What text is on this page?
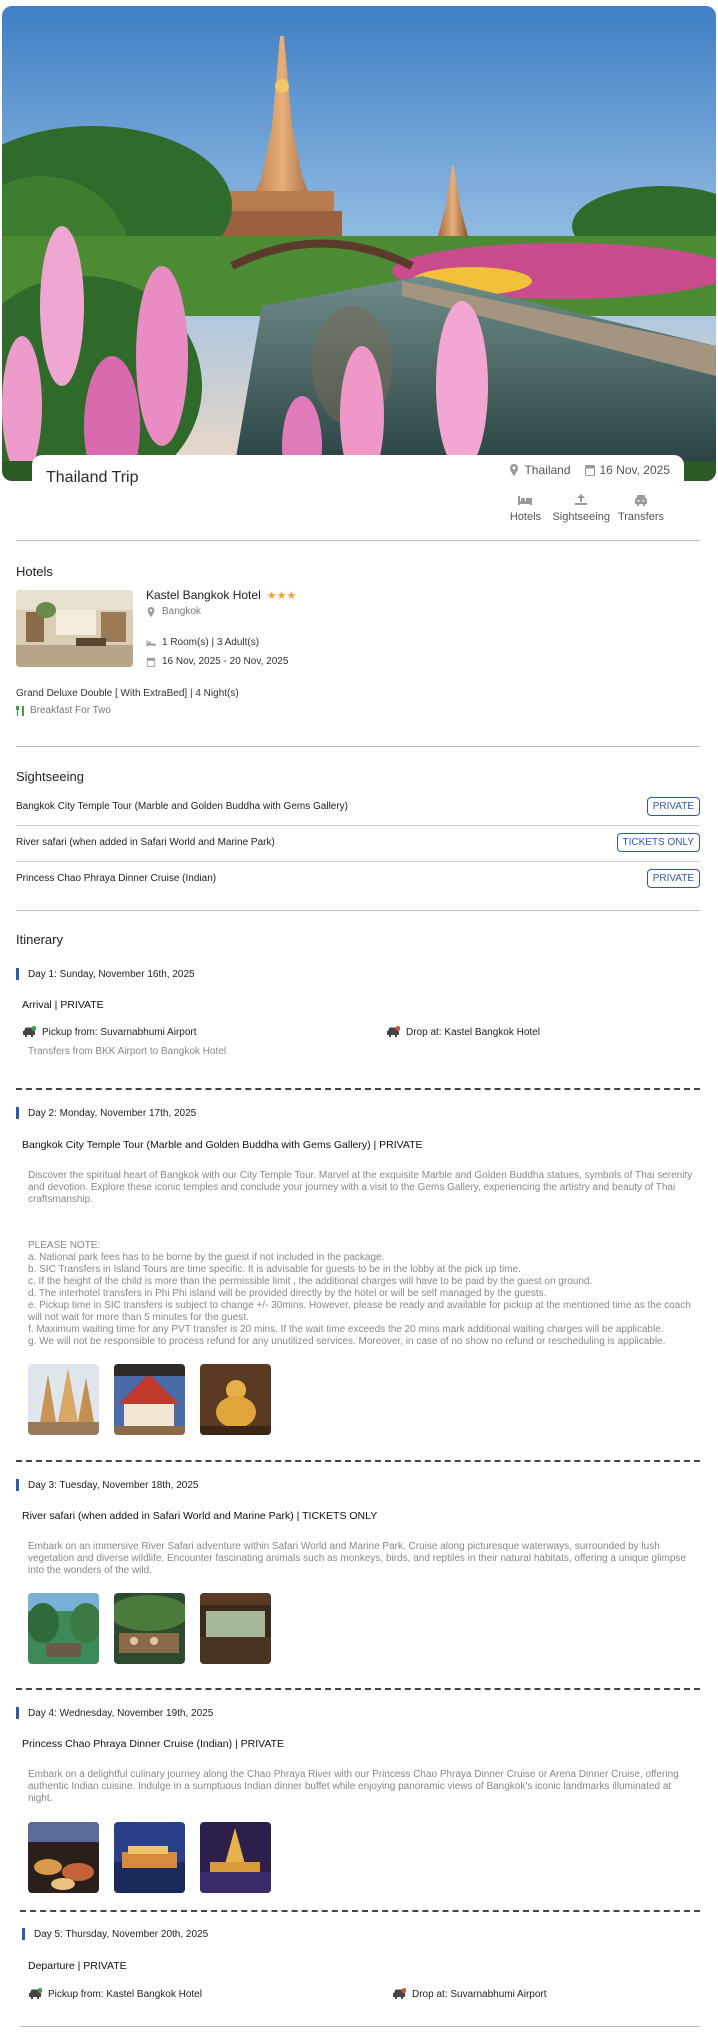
Thailand Trip	Thailand 16 Nov, 2025
Hotels Sightseeing Transfers
Hotels
Kastel Bangkok Hotel ★★★
Bangkok
1 Room(s) | 3 Adult(s)
16 Nov, 2025 - 20 Nov, 2025
Grand Deluxe Double [ With ExtraBed] | 4 Night(s)
Breakfast For Two
Sightseeing
Bangkok City Temple Tour (Marble and Golden Buddha with Gems Gallery)	PRIVATE
River safari (when added in Safari World and Marine Park)	TICKETS ONLY
Princess Chao Phraya Dinner Cruise (Indian)	PRIVATE
Itinerary
Day 1: Sunday, November 16th, 2025
Arrival | PRIVATE
Pickup from: Suvarnabhumi Airport	Drop at: Kastel Bangkok Hotel
Transfers from BKK Airport to Bangkok Hotel
Day 2: Monday, November 17th, 2025
Bangkok City Temple Tour (Marble and Golden Buddha with Gems Gallery) | PRIVATE
Discover the spiritual heart of Bangkok with our City Temple Tour. Marvel at the exquisite Marble and Golden Buddha statues, symbols of Thai serenity and devotion. Explore these iconic temples and conclude your journey with a visit to the Gems Gallery, experiencing the artistry and beauty of Thai craftsmanship.
PLEASE NOTE:
a. National park fees has to be borne by the guest if not included in the package.
b. SIC Transfers in Island Tours are time specific. It is advisable for guests to be in the lobby at the pick up time.
c. If the height of the child is more than the permissible limit , the additional charges will have to be paid by the guest on ground.
d. The interhotel transfers in Phi Phi island will be provided directly by the hotel or will be self managed by the guests.
e. Pickup time in SIC transfers is subject to change +/- 30mins. However, please be ready and available for pickup at the mentioned time as the coach will not wait for more than 5 minutes for the guest.
f. Maximum waiting time for any PVT transfer is 20 mins. If the wait time exceeds the 20 mins mark additional waiting charges will be applicable.
g. We will not be responsible to process refund for any unutilized services. Moreover, in case of no show no refund or rescheduling is applicable.
Day 3: Tuesday, November 18th, 2025
River safari (when added in Safari World and Marine Park) | TICKETS ONLY
Embark on an immersive River Safari adventure within Safari World and Marine Park. Cruise along picturesque waterways, surrounded by lush vegetation and diverse wildlife. Encounter fascinating animals such as monkeys, birds, and reptiles in their natural habitats, offering a unique glimpse into the wonders of the wild.
Day 4: Wednesday, November 19th, 2025
Princess Chao Phraya Dinner Cruise (Indian) | PRIVATE
Embark on a delightful culinary journey along the Chao Phraya River with our Princess Chao Phraya Dinner Cruise or Arena Dinner Cruise, offering authentic Indian cuisine. Indulge in a sumptuous Indian dinner buffet while enjoying panoramic views of Bangkok's iconic landmarks illuminated at night.
Day 5: Thursday, November 20th, 2025
Departure | PRIVATE
Pickup from: Kastel Bangkok Hotel	Drop at: Suvarnabhumi Airport
